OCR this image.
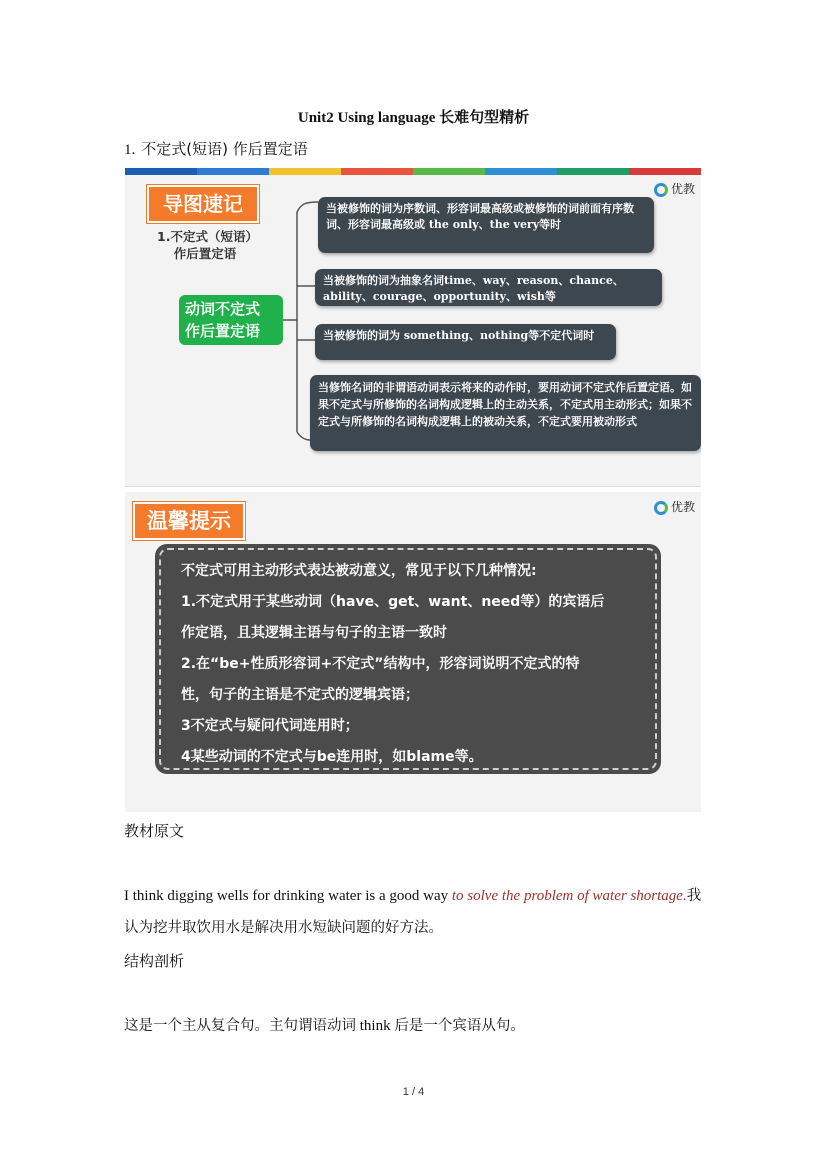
Unit2 Using language 长难句型精析
1. 不定式(短语) 作后置定语
导图速记
优教
1.不定式（短语）
作后置定语
动词不定式
作后置定语
当被修饰的词为序数词、形容词最高级或被修饰的词前面有序数词、形容词最高级或 the only、the very等时
当被修饰的词为抽象名词time、way、reason、chance、ability、courage、opportunity、wish等
当被修饰的词为 something、nothing等不定代词时
当修饰名词的非谓语动词表示将来的动作时，要用动词不定式作后置定语。如果不定式与所修饰的名词构成逻辑上的主动关系，不定式用主动形式；如果不定式与所修饰的名词构成逻辑上的被动关系，不定式要用被动形式
温馨提示
优教
不定式可用主动形式表达被动意义，常见于以下几种情况:
1.不定式用于某些动词（have、get、want、need等）的宾语后
作定语，且其逻辑主语与句子的主语一致时
2.在“be+性质形容词+不定式”结构中，形容词说明不定式的特
性，句子的主语是不定式的逻辑宾语；
3不定式与疑问代词连用时；
4某些动词的不定式与be连用时，如blame等。
教材原文
I think digging wells for drinking water is a good way to solve the problem of water shortage.我认为挖井取饮用水是解决用水短缺问题的好方法。
结构剖析
这是一个主从复合句。主句谓语动词 think 后是一个宾语从句。
1 / 4
